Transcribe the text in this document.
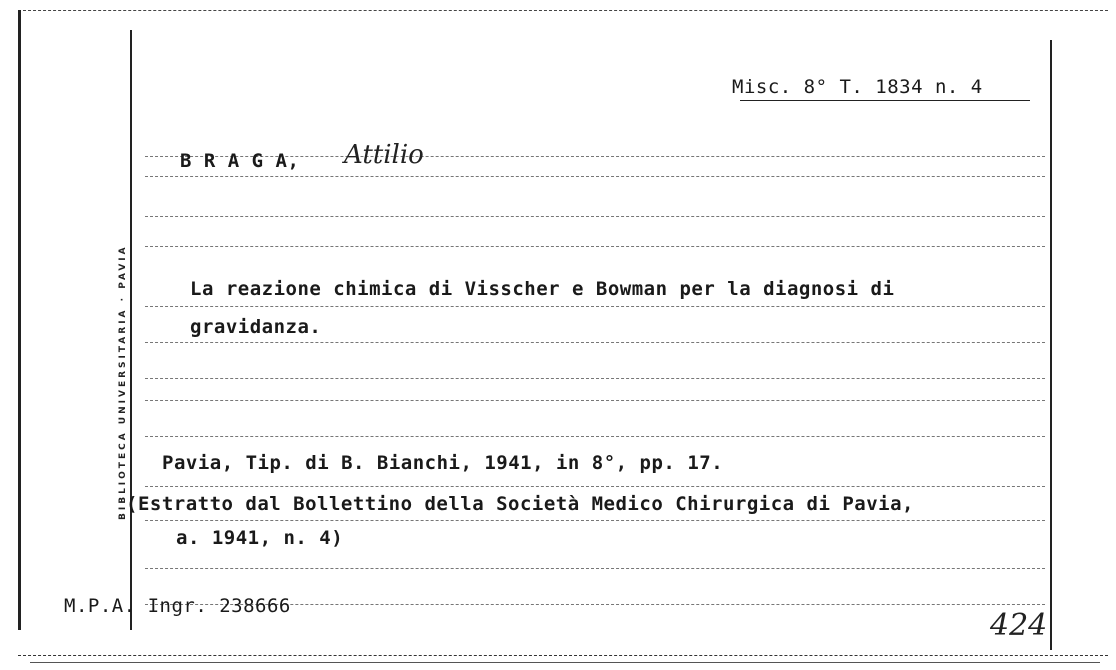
BIBLIOTECA UNIVERSITARIA · PAVIA
Misc. 8° T. 1834 n. 4
B R A G A, Attilio
La reazione chimica di Visscher e Bowman per la diagnosi di
gravidanza.
Pavia, Tip. di B. Bianchi, 1941, in 8°, pp. 17.
(Estratto dal Bollettino della Società Medico Chirurgica di Pavia,
a. 1941, n. 4)
M.P.A. Ingr. 238666
424
